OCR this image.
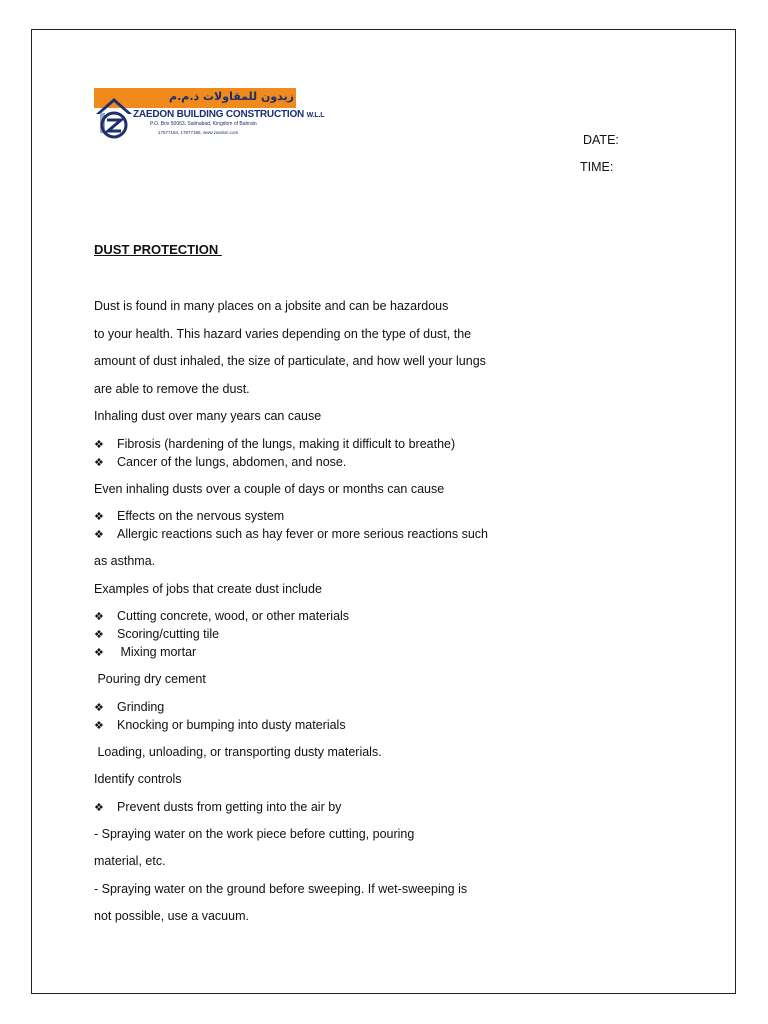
زيدون للمقاولات ذ.م.م
ZAEDON BUILDING CONSTRUCTION W.L.L
P.O. Box 50063, Salmabad, Kingdom of Bahrain
17877184, 17877185, www.zaedon.com
DATE:
TIME:
DUST PROTECTION
Dust is found in many places on a jobsite and can be hazardous
to your health. This hazard varies depending on the type of dust, the
amount of dust inhaled, the size of particulate, and how well your lungs
are able to remove the dust.
Inhaling dust over many years can cause
❖ Fibrosis (hardening of the lungs, making it difficult to breathe)
❖ Cancer of the lungs, abdomen, and nose.
Even inhaling dusts over a couple of days or months can cause
❖ Effects on the nervous system
❖ Allergic reactions such as hay fever or more serious reactions such
as asthma.
Examples of jobs that create dust include
❖ Cutting concrete, wood, or other materials
❖ Scoring/cutting tile
❖ Mixing mortar
Pouring dry cement
❖ Grinding
❖ Knocking or bumping into dusty materials
Loading, unloading, or transporting dusty materials.
Identify controls
❖ Prevent dusts from getting into the air by
- Spraying water on the work piece before cutting, pouring
material, etc.
- Spraying water on the ground before sweeping. If wet-sweeping is
not possible, use a vacuum.
